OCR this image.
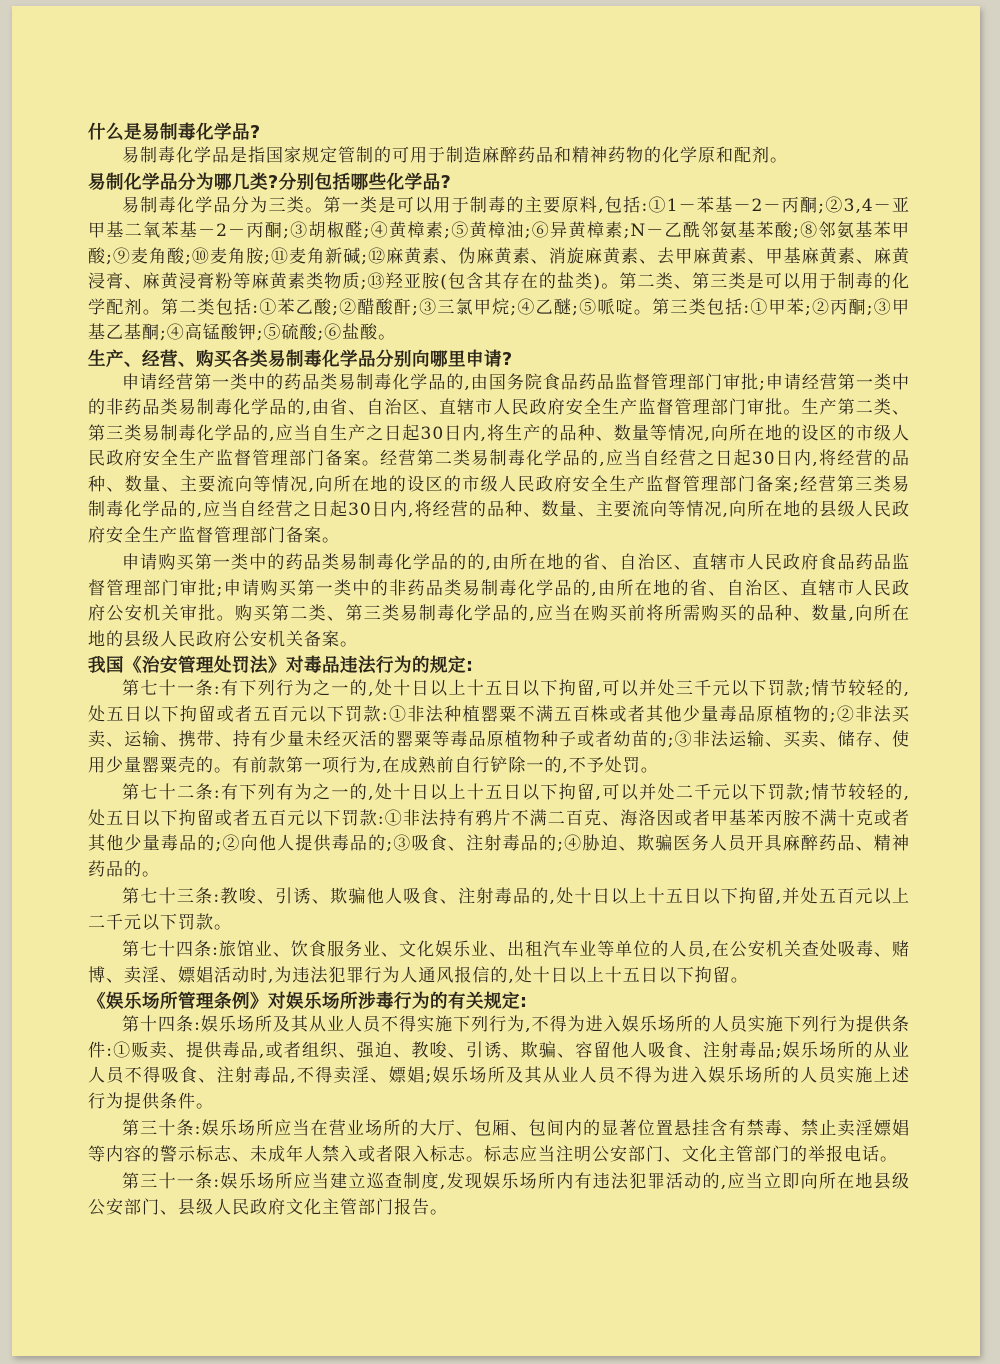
什么是易制毒化学品?

易制毒化学品是指国家规定管制的可用于制造麻醉药品和精神药物的化学原和配剂。

易制化学品分为哪几类?分别包括哪些化学品?

易制毒化学品分为三类。第一类是可以用于制毒的主要原料,包括:①1－苯基－2－丙酮;②3,4－亚甲基二氧苯基－2－丙酮;③胡椒醛;④黄樟素;⑤黄樟油;⑥异黄樟素;N－乙酰邻氨基苯酸;⑧邻氨基苯甲酸;⑨麦角酸;⑩麦角胺;⑪麦角新碱;⑫麻黄素、伪麻黄素、消旋麻黄素、去甲麻黄素、甲基麻黄素、麻黄浸膏、麻黄浸膏粉等麻黄素类物质;⑬羟亚胺(包含其存在的盐类)。第二类、第三类是可以用于制毒的化学配剂。第二类包括:①苯乙酸;②醋酸酐;③三氯甲烷;④乙醚;⑤哌啶。第三类包括:①甲苯;②丙酮;③甲基乙基酮;④高锰酸钾;⑤硫酸;⑥盐酸。

生产、经营、购买各类易制毒化学品分别向哪里申请?

申请经营第一类中的药品类易制毒化学品的,由国务院食品药品监督管理部门审批;申请经营第一类中的非药品类易制毒化学品的,由省、自治区、直辖市人民政府安全生产监督管理部门审批。生产第二类、第三类易制毒化学品的,应当自生产之日起30日内,将生产的品种、数量等情况,向所在地的设区的市级人民政府安全生产监督管理部门备案。经营第二类易制毒化学品的,应当自经营之日起30日内,将经营的品种、数量、主要流向等情况,向所在地的设区的市级人民政府安全生产监督管理部门备案;经营第三类易制毒化学品的,应当自经营之日起30日内,将经营的品种、数量、主要流向等情况,向所在地的县级人民政府安全生产监督管理部门备案。

申请购买第一类中的药品类易制毒化学品的的,由所在地的省、自治区、直辖市人民政府食品药品监督管理部门审批;申请购买第一类中的非药品类易制毒化学品的,由所在地的省、自治区、直辖市人民政府公安机关审批。购买第二类、第三类易制毒化学品的,应当在购买前将所需购买的品种、数量,向所在地的县级人民政府公安机关备案。

我国《治安管理处罚法》对毒品违法行为的规定:

第七十一条:有下列行为之一的,处十日以上十五日以下拘留,可以并处三千元以下罚款;情节较轻的,处五日以下拘留或者五百元以下罚款:①非法种植罂粟不满五百株或者其他少量毒品原植物的;②非法买卖、运输、携带、持有少量未经灭活的罂粟等毒品原植物种子或者幼苗的;③非法运输、买卖、储存、使用少量罂粟壳的。有前款第一项行为,在成熟前自行铲除一的,不予处罚。

第七十二条:有下列有为之一的,处十日以上十五日以下拘留,可以并处二千元以下罚款;情节较轻的,处五日以下拘留或者五百元以下罚款:①非法持有鸦片不满二百克、海洛因或者甲基苯丙胺不满十克或者其他少量毒品的;②向他人提供毒品的;③吸食、注射毒品的;④胁迫、欺骗医务人员开具麻醉药品、精神药品的。

第七十三条:教唆、引诱、欺骗他人吸食、注射毒品的,处十日以上十五日以下拘留,并处五百元以上二千元以下罚款。

第七十四条:旅馆业、饮食服务业、文化娱乐业、出租汽车业等单位的人员,在公安机关查处吸毒、赌博、卖淫、嫖娼活动时,为违法犯罪行为人通风报信的,处十日以上十五日以下拘留。

《娱乐场所管理条例》对娱乐场所涉毒行为的有关规定:

第十四条:娱乐场所及其从业人员不得实施下列行为,不得为进入娱乐场所的人员实施下列行为提供条件:①贩卖、提供毒品,或者组织、强迫、教唆、引诱、欺骗、容留他人吸食、注射毒品;娱乐场所的从业人员不得吸食、注射毒品,不得卖淫、嫖娼;娱乐场所及其从业人员不得为进入娱乐场所的人员实施上述行为提供条件。

第三十条:娱乐场所应当在营业场所的大厅、包厢、包间内的显著位置悬挂含有禁毒、禁止卖淫嫖娼等内容的警示标志、未成年人禁入或者限入标志。标志应当注明公安部门、文化主管部门的举报电话。

第三十一条:娱乐场所应当建立巡查制度,发现娱乐场所内有违法犯罪活动的,应当立即向所在地县级公安部门、县级人民政府文化主管部门报告。
